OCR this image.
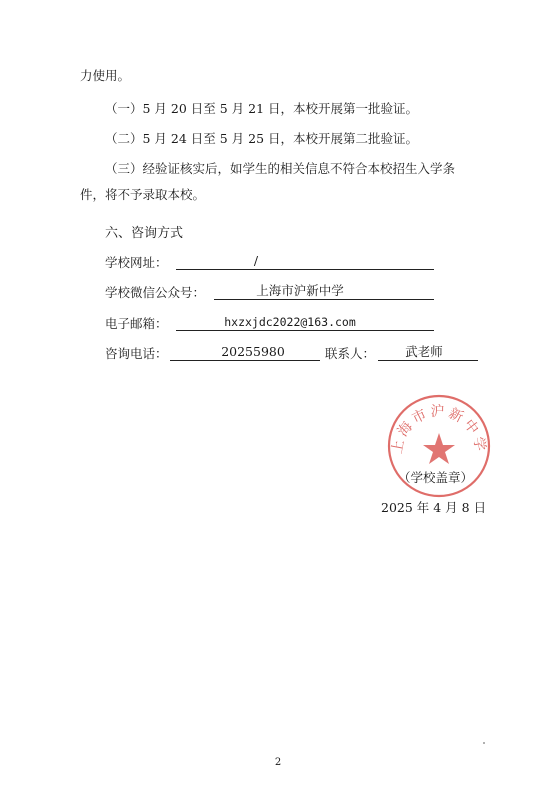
力使用。
（一）5 月 20 日至 5 月 21 日，本校开展第一批验证。
（二）5 月 24 日至 5 月 25 日，本校开展第二批验证。
（三）经验证核实后，如学生的相关信息不符合本校招生入学条
件，将不予录取本校。
六、咨询方式
学校网址：	/
学校微信公众号：	上海市沪新中学
电子邮箱：	hxzxjdc2022@163.com
咨询电话：	20255980	联系人：	武老师
上海市沪新中学
（学校盖章）
2025 年 4 月 8 日
2
